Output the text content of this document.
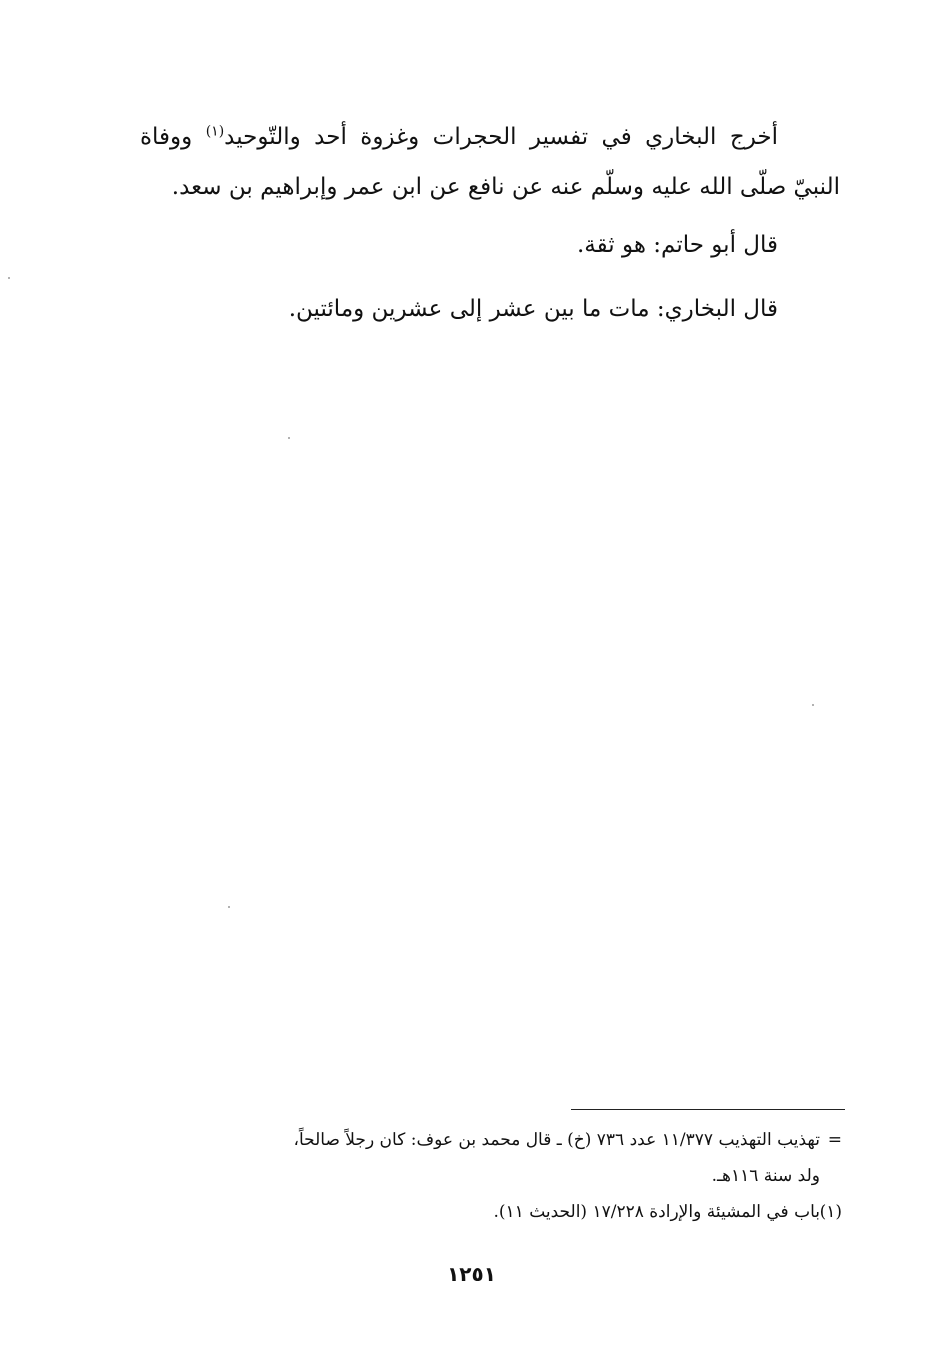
أخرج البخاري في تفسير الحجرات وغزوة أحد والتّوحيد$^{(١)}$ ووفاة النبيّ صلّى الله عليه وسلّم عنه عن نافع عن ابن عمر وإبراهيم بن سعد.

قال أبو حاتم: هو ثقة.

قال البخاري: مات ما بين عشر إلى عشرين ومائتين.

=
تهذيب التهذيب ١١/٣٧٧ عدد ٧٣٦ (خ) ـ قال محمد بن عوف: كان رجلاً صالحاً،

ولد سنة ١١٦هـ.

(١)
باب في المشيئة والإرادة ١٧/٢٢٨ (الحديث ١١).

١٢٥١
